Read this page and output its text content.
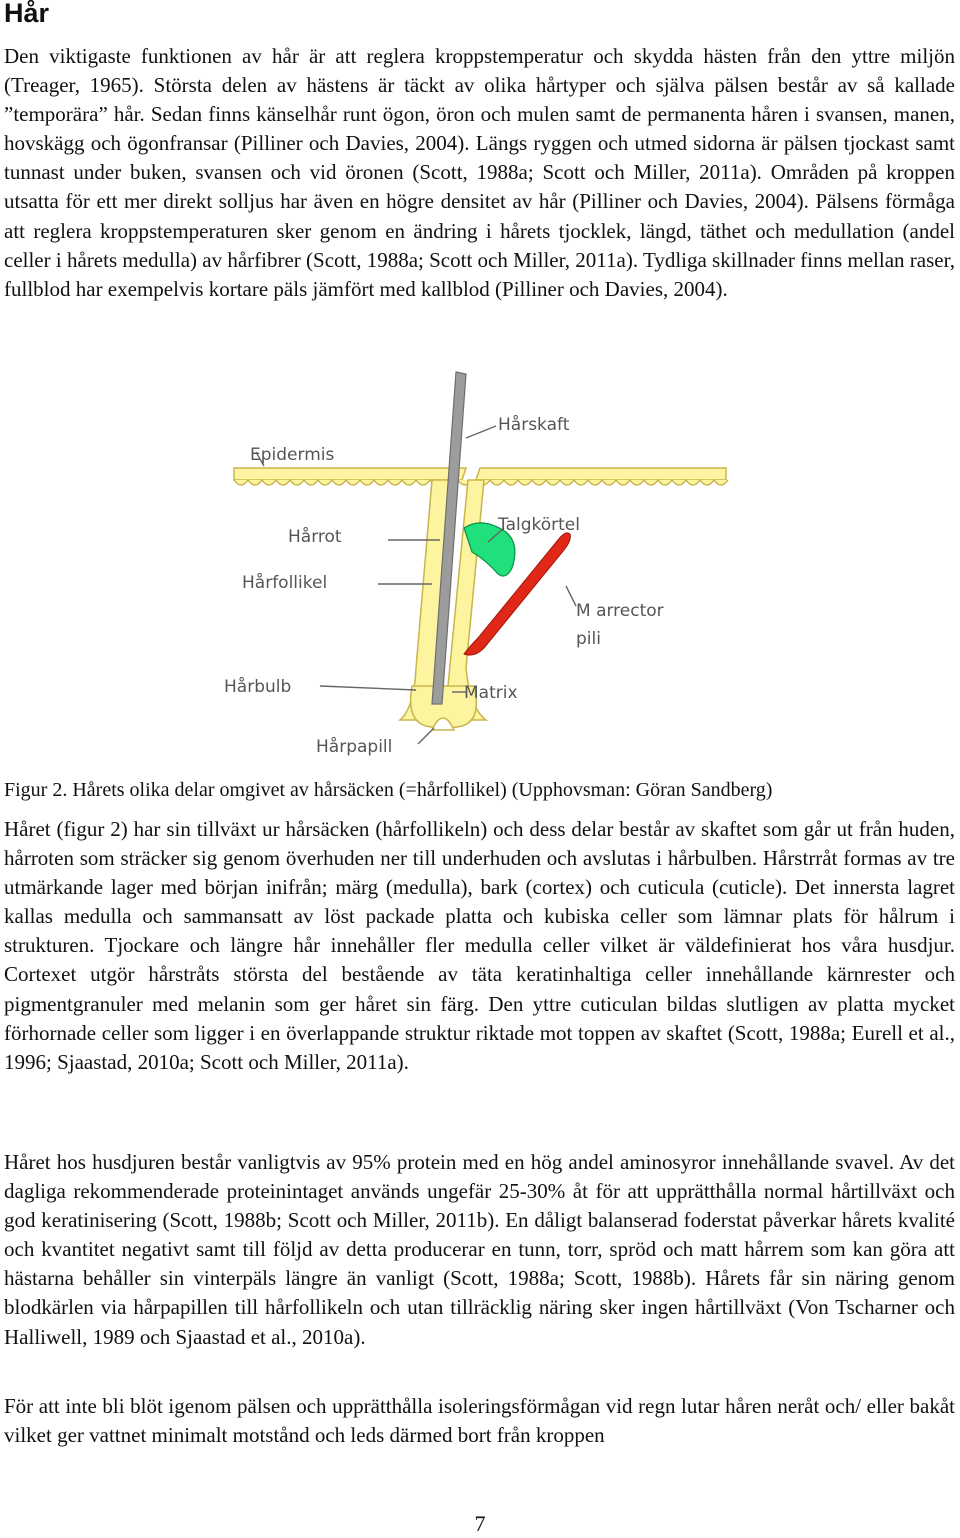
Hår

Den viktigaste funktionen av hår är att reglera kroppstemperatur och skydda hästen från den yttre miljön (Treager, 1965). Största delen av hästens är täckt av olika hårtyper och själva pälsen består av så kallade ”temporära” hår. Sedan finns känselhår runt ögon, öron och mulen samt de permanenta håren i svansen, manen, hovskägg och ögonfransar (Pilliner och Davies, 2004). Längs ryggen och utmed sidorna är pälsen tjockast samt tunnast under buken, svansen och vid öronen (Scott, 1988a; Scott och Miller, 2011a). Områden på kroppen utsatta för ett mer direkt solljus har även en högre densitet av hår (Pilliner och Davies, 2004). Pälsens förmåga att reglera kroppstemperaturen sker genom en ändring i hårets tjocklek, längd, täthet och medullation (andel celler i hårets medulla) av hårfibrer (Scott, 1988a; Scott och Miller, 2011a). Tydliga skillnader finns mellan raser, fullblod har exempelvis kortare päls jämfört med kallblod (Pilliner och Davies, 2004).

Hårskaft
Epidermis
Talgkörtel
Hårrot
Hårfollikel
M arrector
pili
Hårbulb	Matrix
Hårpapill

Figur 2. Hårets olika delar omgivet av hårsäcken (=hårfollikel) (Upphovsman: Göran Sandberg)

Håret (figur 2) har sin tillväxt ur hårsäcken (hårfollikeln) och dess delar består av skaftet som går ut från huden, hårroten som sträcker sig genom överhuden ner till underhuden och avslutas i hårbulben. Hårstrråt formas av tre utmärkande lager med början inifrån; märg (medulla), bark (cortex) och cuticula (cuticle). Det innersta lagret kallas medulla och sammansatt av löst packade platta och kubiska celler som lämnar plats för hålrum i strukturen. Tjockare och längre hår innehåller fler medulla celler vilket är väldefinierat hos våra husdjur. Cortexet utgör hårstråts största del bestående av täta keratinhaltiga celler innehållande kärnrester och pigmentgranuler med melanin som ger håret sin färg. Den yttre cuticulan bildas slutligen av platta mycket förhornade celler som ligger i en överlappande struktur riktade mot toppen av skaftet (Scott, 1988a; Eurell et al., 1996; Sjaastad, 2010a; Scott och Miller, 2011a).

Håret hos husdjuren består vanligtvis av 95% protein med en hög andel aminosyror innehållande svavel. Av det dagliga rekommenderade proteinintaget används ungefär 25-30% åt för att upprätthålla normal hårtillväxt och god keratinisering (Scott, 1988b; Scott och Miller, 2011b). En dåligt balanserad foderstat påverkar hårets kvalité och kvantitet negativt samt till följd av detta producerar en tunn, torr, spröd och matt hårrem som kan göra att hästarna behåller sin vinterpäls längre än vanligt (Scott, 1988a; Scott, 1988b). Hårets får sin näring genom blodkärlen via hårpapillen till hårfollikeln och utan tillräcklig näring sker ingen hårtillväxt (Von Tscharner och Halliwell, 1989 och Sjaastad et al., 2010a).

För att inte bli blöt igenom pälsen och upprätthålla isoleringsförmågan vid regn lutar håren neråt och/ eller bakåt vilket ger vattnet minimalt motstånd och leds därmed bort från kroppen

7
